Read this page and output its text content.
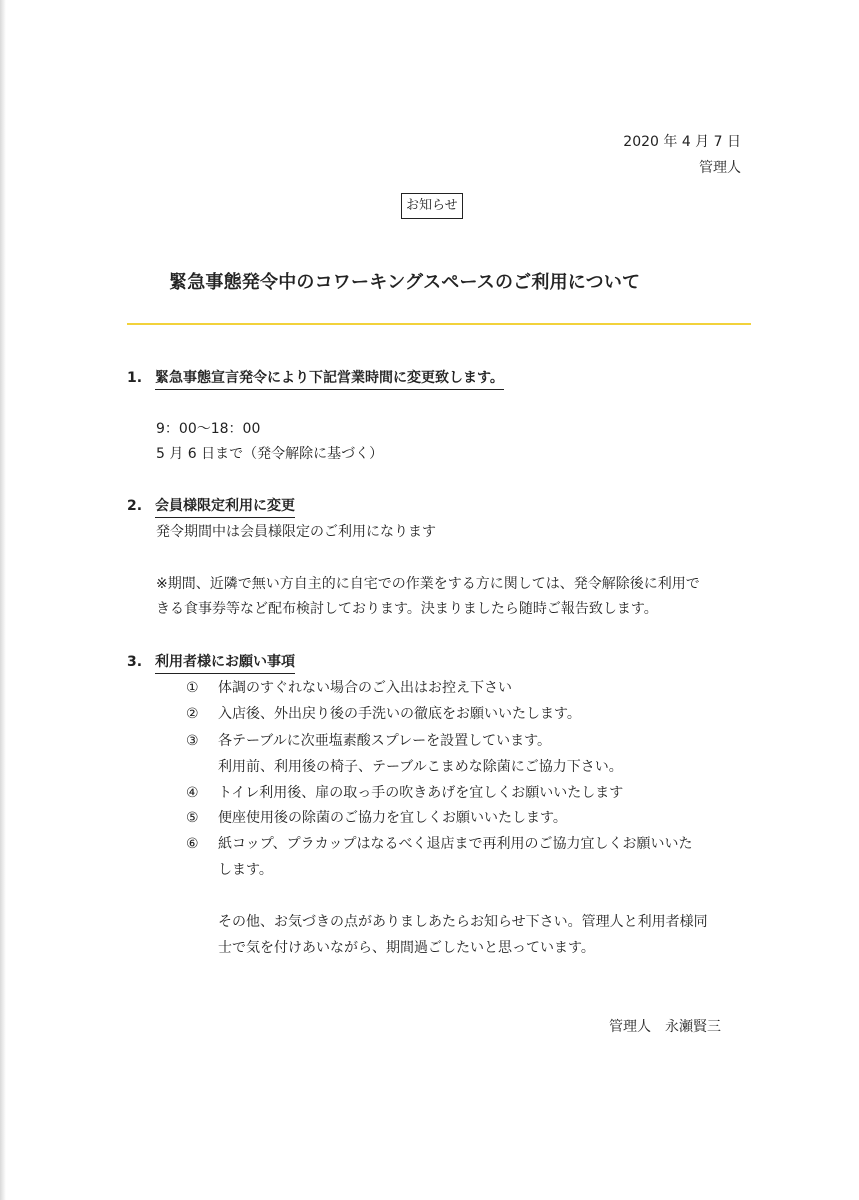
2020 年 4 月 7 日
管理人
お知らせ
緊急事態発令中のコワーキングスペースのご利用について
1. 緊急事態宣言発令により下記営業時間に変更致します。
9：00～18：00
5 月 6 日まで（発令解除に基づく）
2. 会員様限定利用に変更
発令期間中は会員様限定のご利用になります
※期間、近隣で無い方自主的に自宅での作業をする方に関しては、発令解除後に利用で
きる食事券等など配布検討しております。決まりましたら随時ご報告致します。
3. 利用者様にお願い事項
① 体調のすぐれない場合のご入出はお控え下さい
② 入店後、外出戻り後の手洗いの徹底をお願いいたします。
③ 各テーブルに次亜塩素酸スプレーを設置しています。
利用前、利用後の椅子、テーブルこまめな除菌にご協力下さい。
④ トイレ利用後、扉の取っ手の吹きあげを宜しくお願いいたします
⑤ 便座使用後の除菌のご協力を宜しくお願いいたします。
⑥ 紙コップ、プラカップはなるべく退店まで再利用のご協力宜しくお願いいた
します。
その他、お気づきの点がありましあたらお知らせ下さい。管理人と利用者様同
士で気を付けあいながら、期間過ごしたいと思っています。
管理人　永瀬賢三
